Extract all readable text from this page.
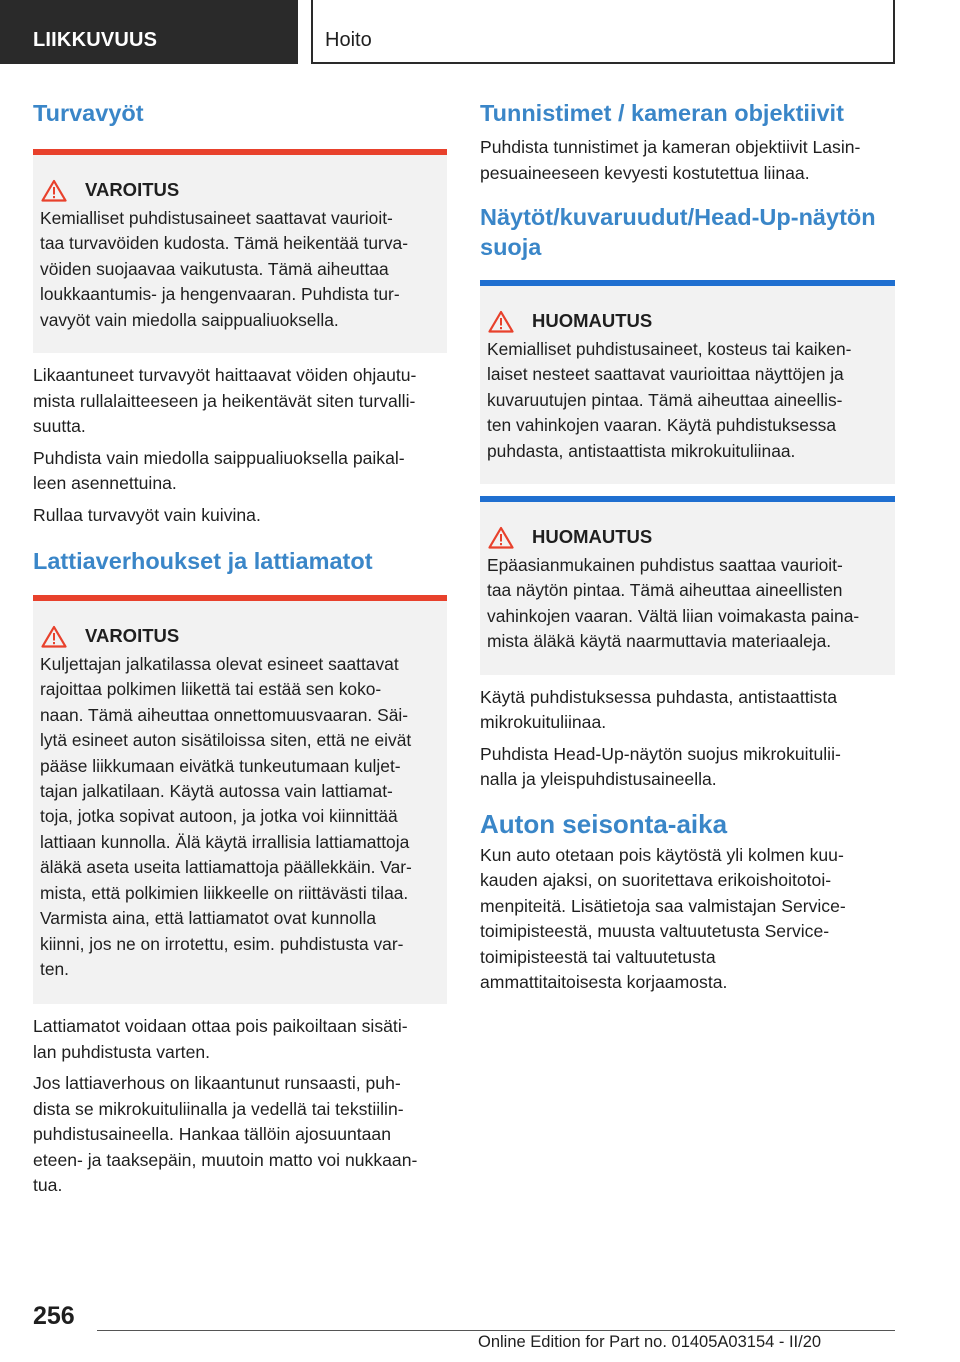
LIIKKUVUUS	Hoito
Turvavyöt
VAROITUS

Kemialliset puhdistusaineet saattavat vaurioit-
taa turvavöiden kudosta. Tämä heikentää turva-
vöiden suojaavaa vaikutusta. Tämä aiheuttaa
loukkaantumis- ja hengenvaaran. Puhdista tur-
vavyöt vain miedolla saippualiuoksella.

Likaantuneet turvavyöt haittaavat vöiden ohjautu-
mista rullalaitteeseen ja heikentävät siten turvalli-
suutta.

Puhdista vain miedolla saippualiuoksella paikal-
leen asennettuina.

Rullaa turvavyöt vain kuivina.

Lattiaverhoukset ja lattiamatot
VAROITUS

Kuljettajan jalkatilassa olevat esineet saattavat
rajoittaa polkimen liikettä tai estää sen koko-
naan. Tämä aiheuttaa onnettomuusvaaran. Säi-
lytä esineet auton sisätiloissa siten, että ne eivät
pääse liikkumaan eivätkä tunkeutumaan kuljet-
tajan jalkatilaan. Käytä autossa vain lattiamat-
toja, jotka sopivat autoon, ja jotka voi kiinnittää
lattiaan kunnolla. Älä käytä irrallisia lattiamattoja
äläkä aseta useita lattiamattoja päällekkäin. Var-
mista, että polkimien liikkeelle on riittävästi tilaa.
Varmista aina, että lattiamatot ovat kunnolla
kiinni, jos ne on irrotettu, esim. puhdistusta var-
ten.

Lattiamatot voidaan ottaa pois paikoiltaan sisäti-
lan puhdistusta varten.

Jos lattiaverhous on likaantunut runsaasti, puh-
dista se mikrokuituliinalla ja vedellä tai tekstiilin-
puhdistusaineella. Hankaa tällöin ajosuuntaan
eteen- ja taaksepäin, muutoin matto voi nukkaan-
tua.

Tunnistimet / kameran objektiivit

Puhdista tunnistimet ja kameran objektiivit Lasin-
pesuaineeseen kevyesti kostutettua liinaa.

Näytöt/kuvaruudut/Head-Up-näytön
suoja
HUOMAUTUS

Kemialliset puhdistusaineet, kosteus tai kaiken-
laiset nesteet saattavat vaurioittaa näyttöjen ja
kuvaruutujen pintaa. Tämä aiheuttaa aineellis-
ten vahinkojen vaaran. Käytä puhdistuksessa
puhdasta, antistaattista mikrokuituliinaa.

HUOMAUTUS

Epäasianmukainen puhdistus saattaa vaurioit-
taa näytön pintaa. Tämä aiheuttaa aineellisten
vahinkojen vaaran. Vältä liian voimakasta paina-
mista äläkä käytä naarmuttavia materiaaleja.

Käytä puhdistuksessa puhdasta, antistaattista
mikrokuituliinaa.

Puhdista Head-Up-näytön suojus mikrokuitulii-
nalla ja yleispuhdistusaineella.

Auton seisonta-aika

Kun auto otetaan pois käytöstä yli kolmen kuu-
kauden ajaksi, on suoritettava erikoishoitotoi-
menpiteitä. Lisätietoja saa valmistajan Service-
toimipisteestä, muusta valtuutetusta Service-
toimipisteestä tai valtuutetusta
ammattitaitoisesta korjaamosta.

256
Online Edition for Part no. 01405A03154 - II/20
